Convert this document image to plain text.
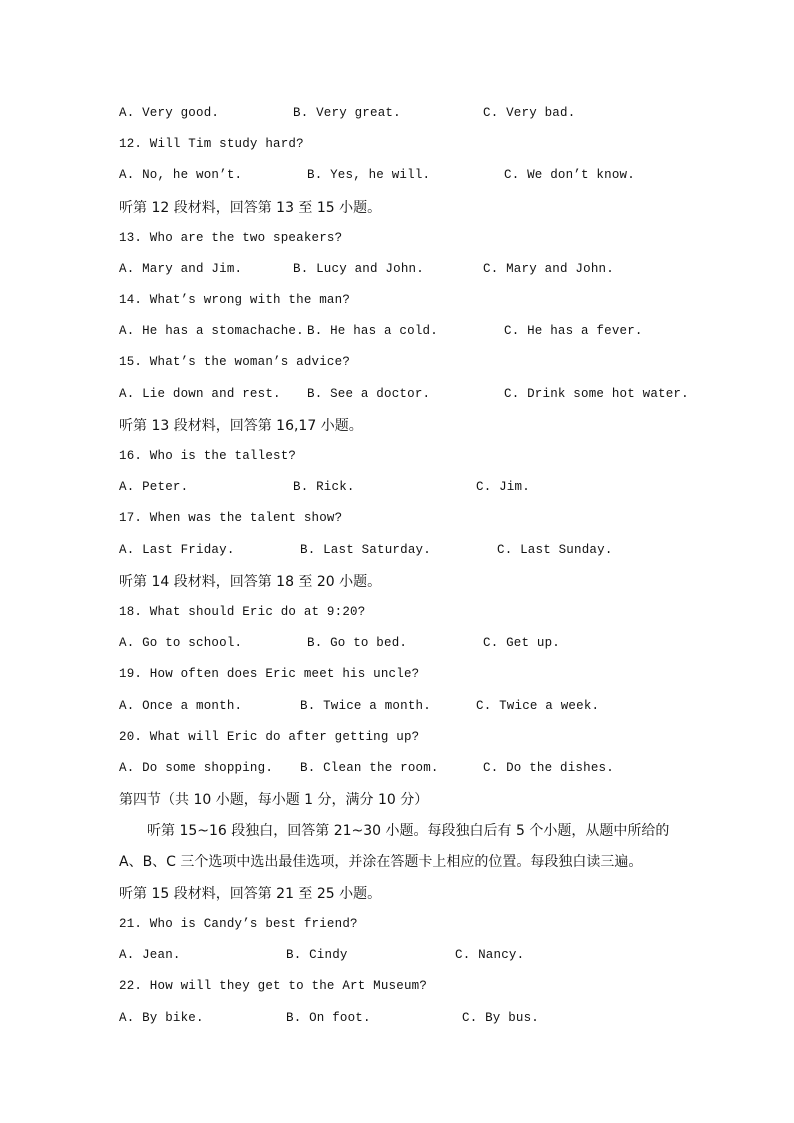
A. Very good.	B. Very great.	C. Very bad.
12. Will Tim study hard?
A. No, he won’t.	B. Yes, he will.	C. We don’t know.
听第 12 段材料，回答第 13 至 15 小题。
13. Who are the two speakers?
A. Mary and Jim.	B. Lucy and John.	C. Mary and John.
14. What’s wrong with the man?
A. He has a stomachache. B. He has a cold.	C. He has a fever.
15. What’s the woman’s advice?
A. Lie down and rest. B. See a doctor.	C. Drink some hot water.
听第 13 段材料，回答第 16,17 小题。
16. Who is the tallest?
A. Peter.	B. Rick.	C. Jim.
17. When was the talent show?
A. Last Friday.	B. Last Saturday.	C. Last Sunday.
听第 14 段材料，回答第 18 至 20 小题。
18. What should Eric do at 9:20?
A. Go to school.	B. Go to bed.	C. Get up.
19. How often does Eric meet his uncle?
A. Once a month.	B. Twice a month.	C. Twice a week.
20. What will Eric do after getting up?
A. Do some shopping. B. Clean the room.	C. Do the dishes.
第四节（共 10 小题，每小题 1 分，满分 10 分）
听第 15~16 段独白，回答第 21~30 小题。每段独白后有 5 个小题，从题中所给的
A、B、C 三个选项中选出最佳选项，并涂在答题卡上相应的位置。每段独白读三遍。
听第 15 段材料，回答第 21 至 25 小题。
21. Who is Candy’s best friend?
A. Jean.	B. Cindy	C. Nancy.
22. How will they get to the Art Museum?
A. By bike.	B. On foot.	C. By bus.
